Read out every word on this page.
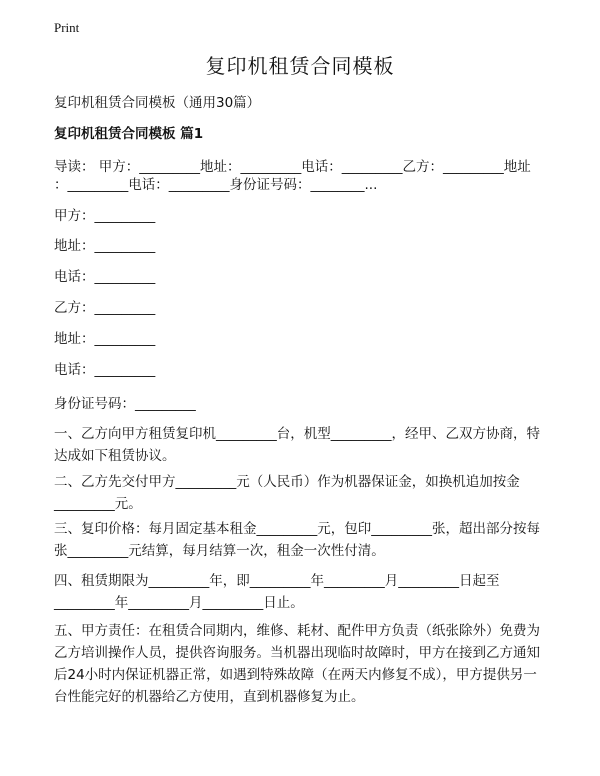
Print
复印机租赁合同模板
复印机租赁合同模板（通用30篇）
复印机租赁合同模板 篇1
导读： 甲方：_________地址：_________电话：_________乙方：_________地址
：_________电话：_________身份证号码：________...
甲方：_________
地址：_________
电话：_________
乙方：_________
地址：_________
电话：_________
身份证号码：_________
一、乙方向甲方租赁复印机_________台，机型_________，经甲、乙双方协商，特达成如下租赁协议。
二、乙方先交付甲方_________元（人民币）作为机器保证金，如换机追加按金_________元。
三、复印价格：每月固定基本租金_________元，包印_________张，超出部分按每张_________元结算，每月结算一次，租金一次性付清。
四、租赁期限为_________年，即_________年_________月_________日起至_________年_________月_________日止。
五、甲方责任：在租赁合同期内，维修、耗材、配件甲方负责（纸张除外）免费为乙方培训操作人员，提供咨询服务。当机器出现临时故障时，甲方在接到乙方通知后24小时内保证机器正常，如遇到特殊故障（在两天内修复不成），甲方提供另一台性能完好的机器给乙方使用，直到机器修复为止。
